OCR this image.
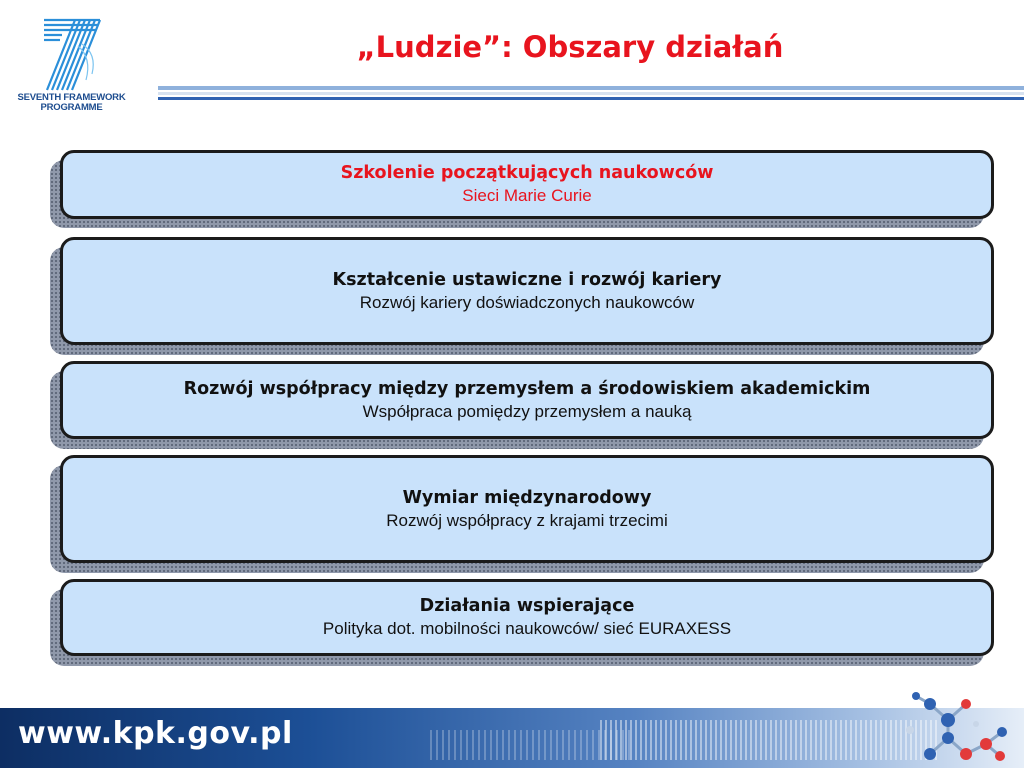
SEVENTH FRAMEWORK
PROGRAMME
„Ludzie”: Obszary działań
Szkolenie początkujących naukowców
Sieci Marie Curie
Kształcenie ustawiczne i rozwój kariery
Rozwój kariery doświadczonych naukowców
Rozwój współpracy między przemysłem a środowiskiem akademickim
Współpraca pomiędzy przemysłem a nauką
Wymiar międzynarodowy
Rozwój współpracy z krajami trzecimi
Działania wspierające
Polityka dot. mobilności naukowców/ sieć EURAXESS
www.kpk.gov.pl
